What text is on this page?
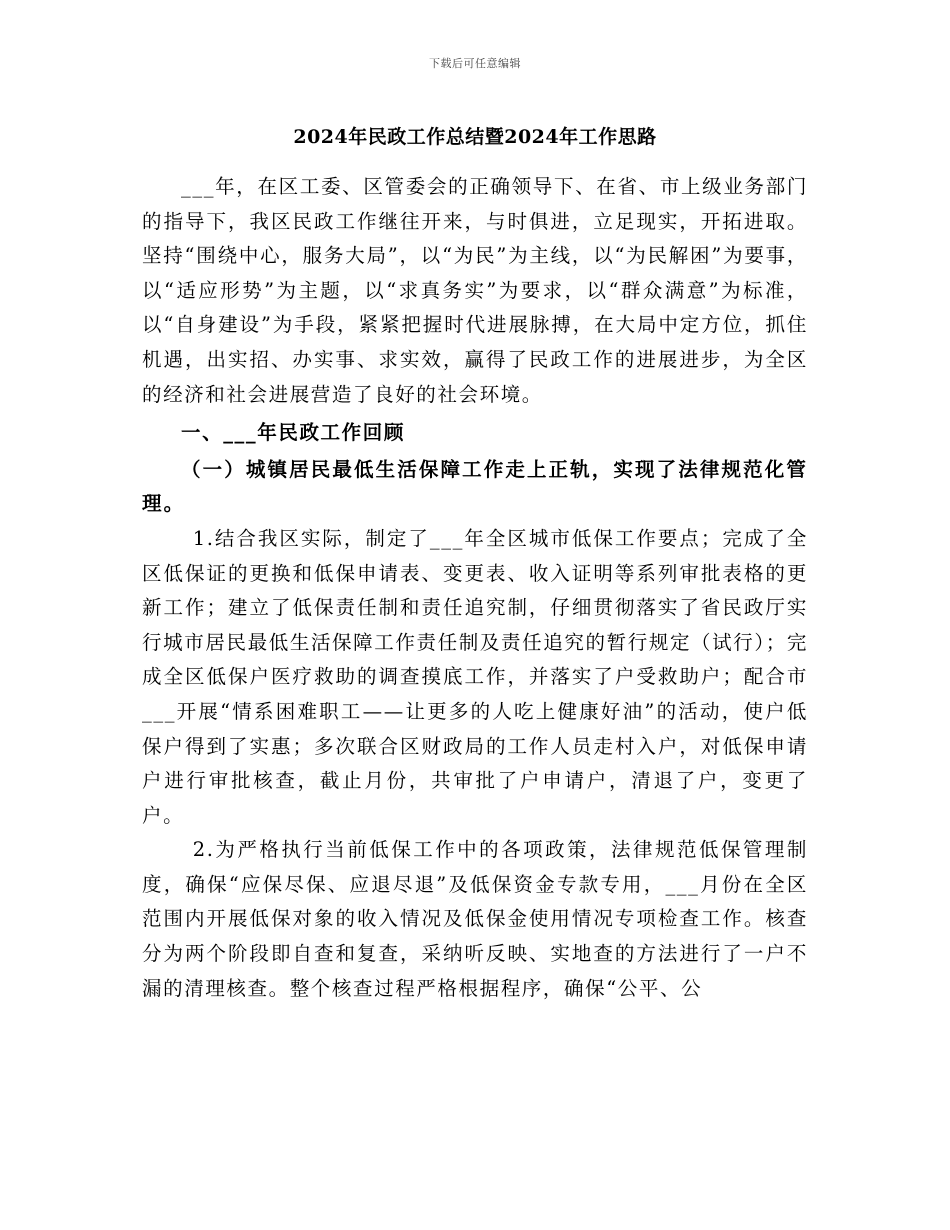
下载后可任意编辑
2024年民政工作总结暨2024年工作思路

___年，在区工委、区管委会的正确领导下、在省、市上级业务部门的指导下，我区民政工作继往开来，与时俱进，立足现实，开拓进取。坚持“围绕中心，服务大局”，以“为民”为主线，以“为民解困”为要事，以“适应形势”为主题，以“求真务实”为要求，以“群众满意”为标准，以“自身建设”为手段，紧紧把握时代进展脉搏，在大局中定方位，抓住机遇，出实招、办实事、求实效，赢得了民政工作的进展进步，为全区的经济和社会进展营造了良好的社会环境。

一、___年民政工作回顾

（一）城镇居民最低生活保障工作走上正轨，实现了法律规范化管理。

1.结合我区实际，制定了___年全区城市低保工作要点；完成了全区低保证的更换和低保申请表、变更表、收入证明等系列审批表格的更新工作；建立了低保责任制和责任追究制，仔细贯彻落实了省民政厅实行城市居民最低生活保障工作责任制及责任追究的暂行规定（试行）；完成全区低保户医疗救助的调查摸底工作，并落实了户受救助户；配合市___开展“情系困难职工——让更多的人吃上健康好油”的活动，使户低保户得到了实惠；多次联合区财政局的工作人员走村入户，对低保申请户进行审批核查，截止月份，共审批了户申请户，清退了户，变更了户。

2.为严格执行当前低保工作中的各项政策，法律规范低保管理制度，确保“应保尽保、应退尽退”及低保资金专款专用，___月份在全区范围内开展低保对象的收入情况及低保金使用情况专项检查工作。核查分为两个阶段即自查和复查，采纳听反映、实地查的方法进行了一户不漏的清理核查。整个核查过程严格根据程序，确保“公平、公
